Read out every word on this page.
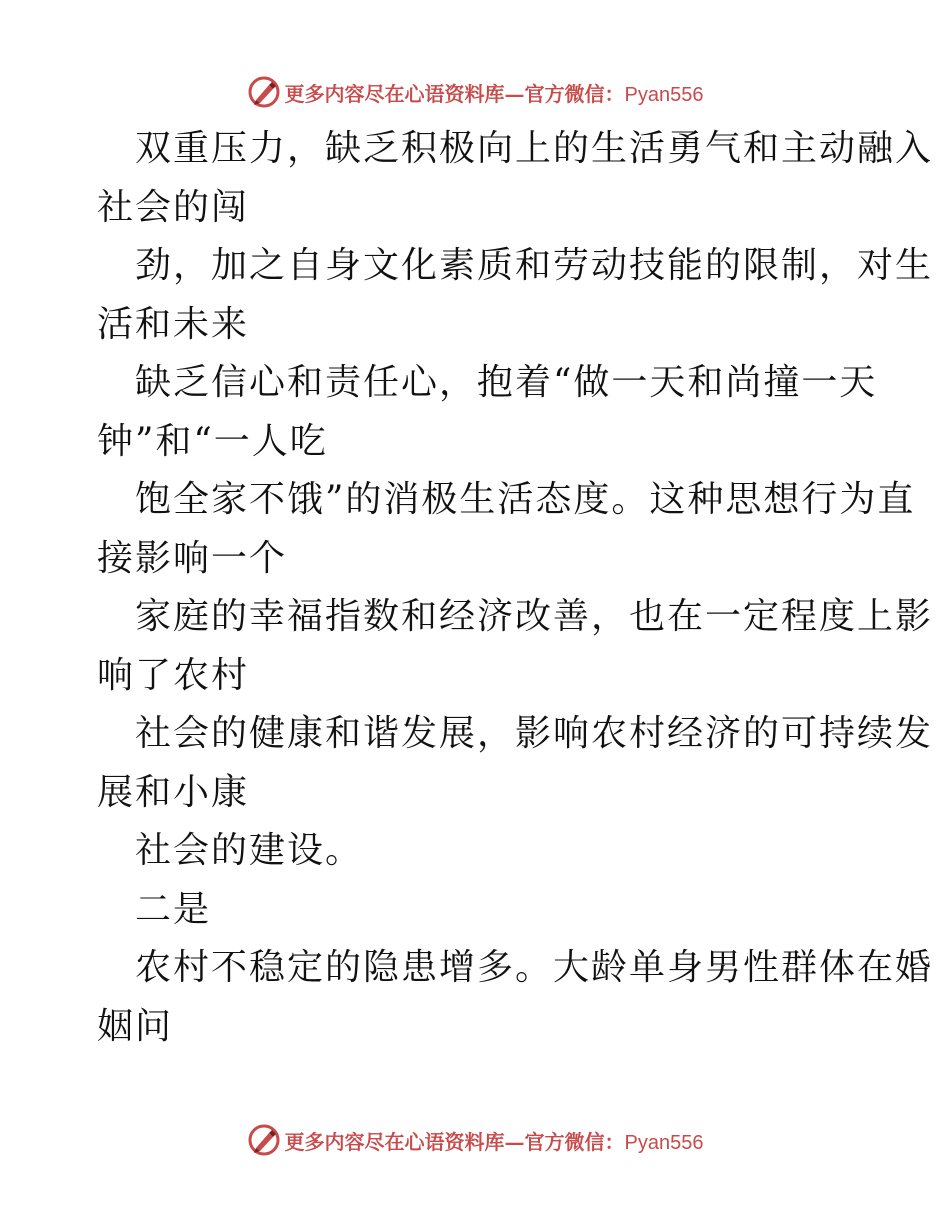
更多内容尽在心语资料库—官方微信：Pyan556
双重压力，缺乏积极向上的生活勇气和主动融入
社会的闯
劲，加之自身文化素质和劳动技能的限制，对生
活和未来
缺乏信心和责任心，抱着“做一天和尚撞一天
钟”和“一人吃
饱全家不饿”的消极生活态度。这种思想行为直
接影响一个
家庭的幸福指数和经济改善，也在一定程度上影
响了农村
社会的健康和谐发展，影响农村经济的可持续发
展和小康
社会的建设。
二是
农村不稳定的隐患增多。大龄单身男性群体在婚
姻问
更多内容尽在心语资料库—官方微信：Pyan556
